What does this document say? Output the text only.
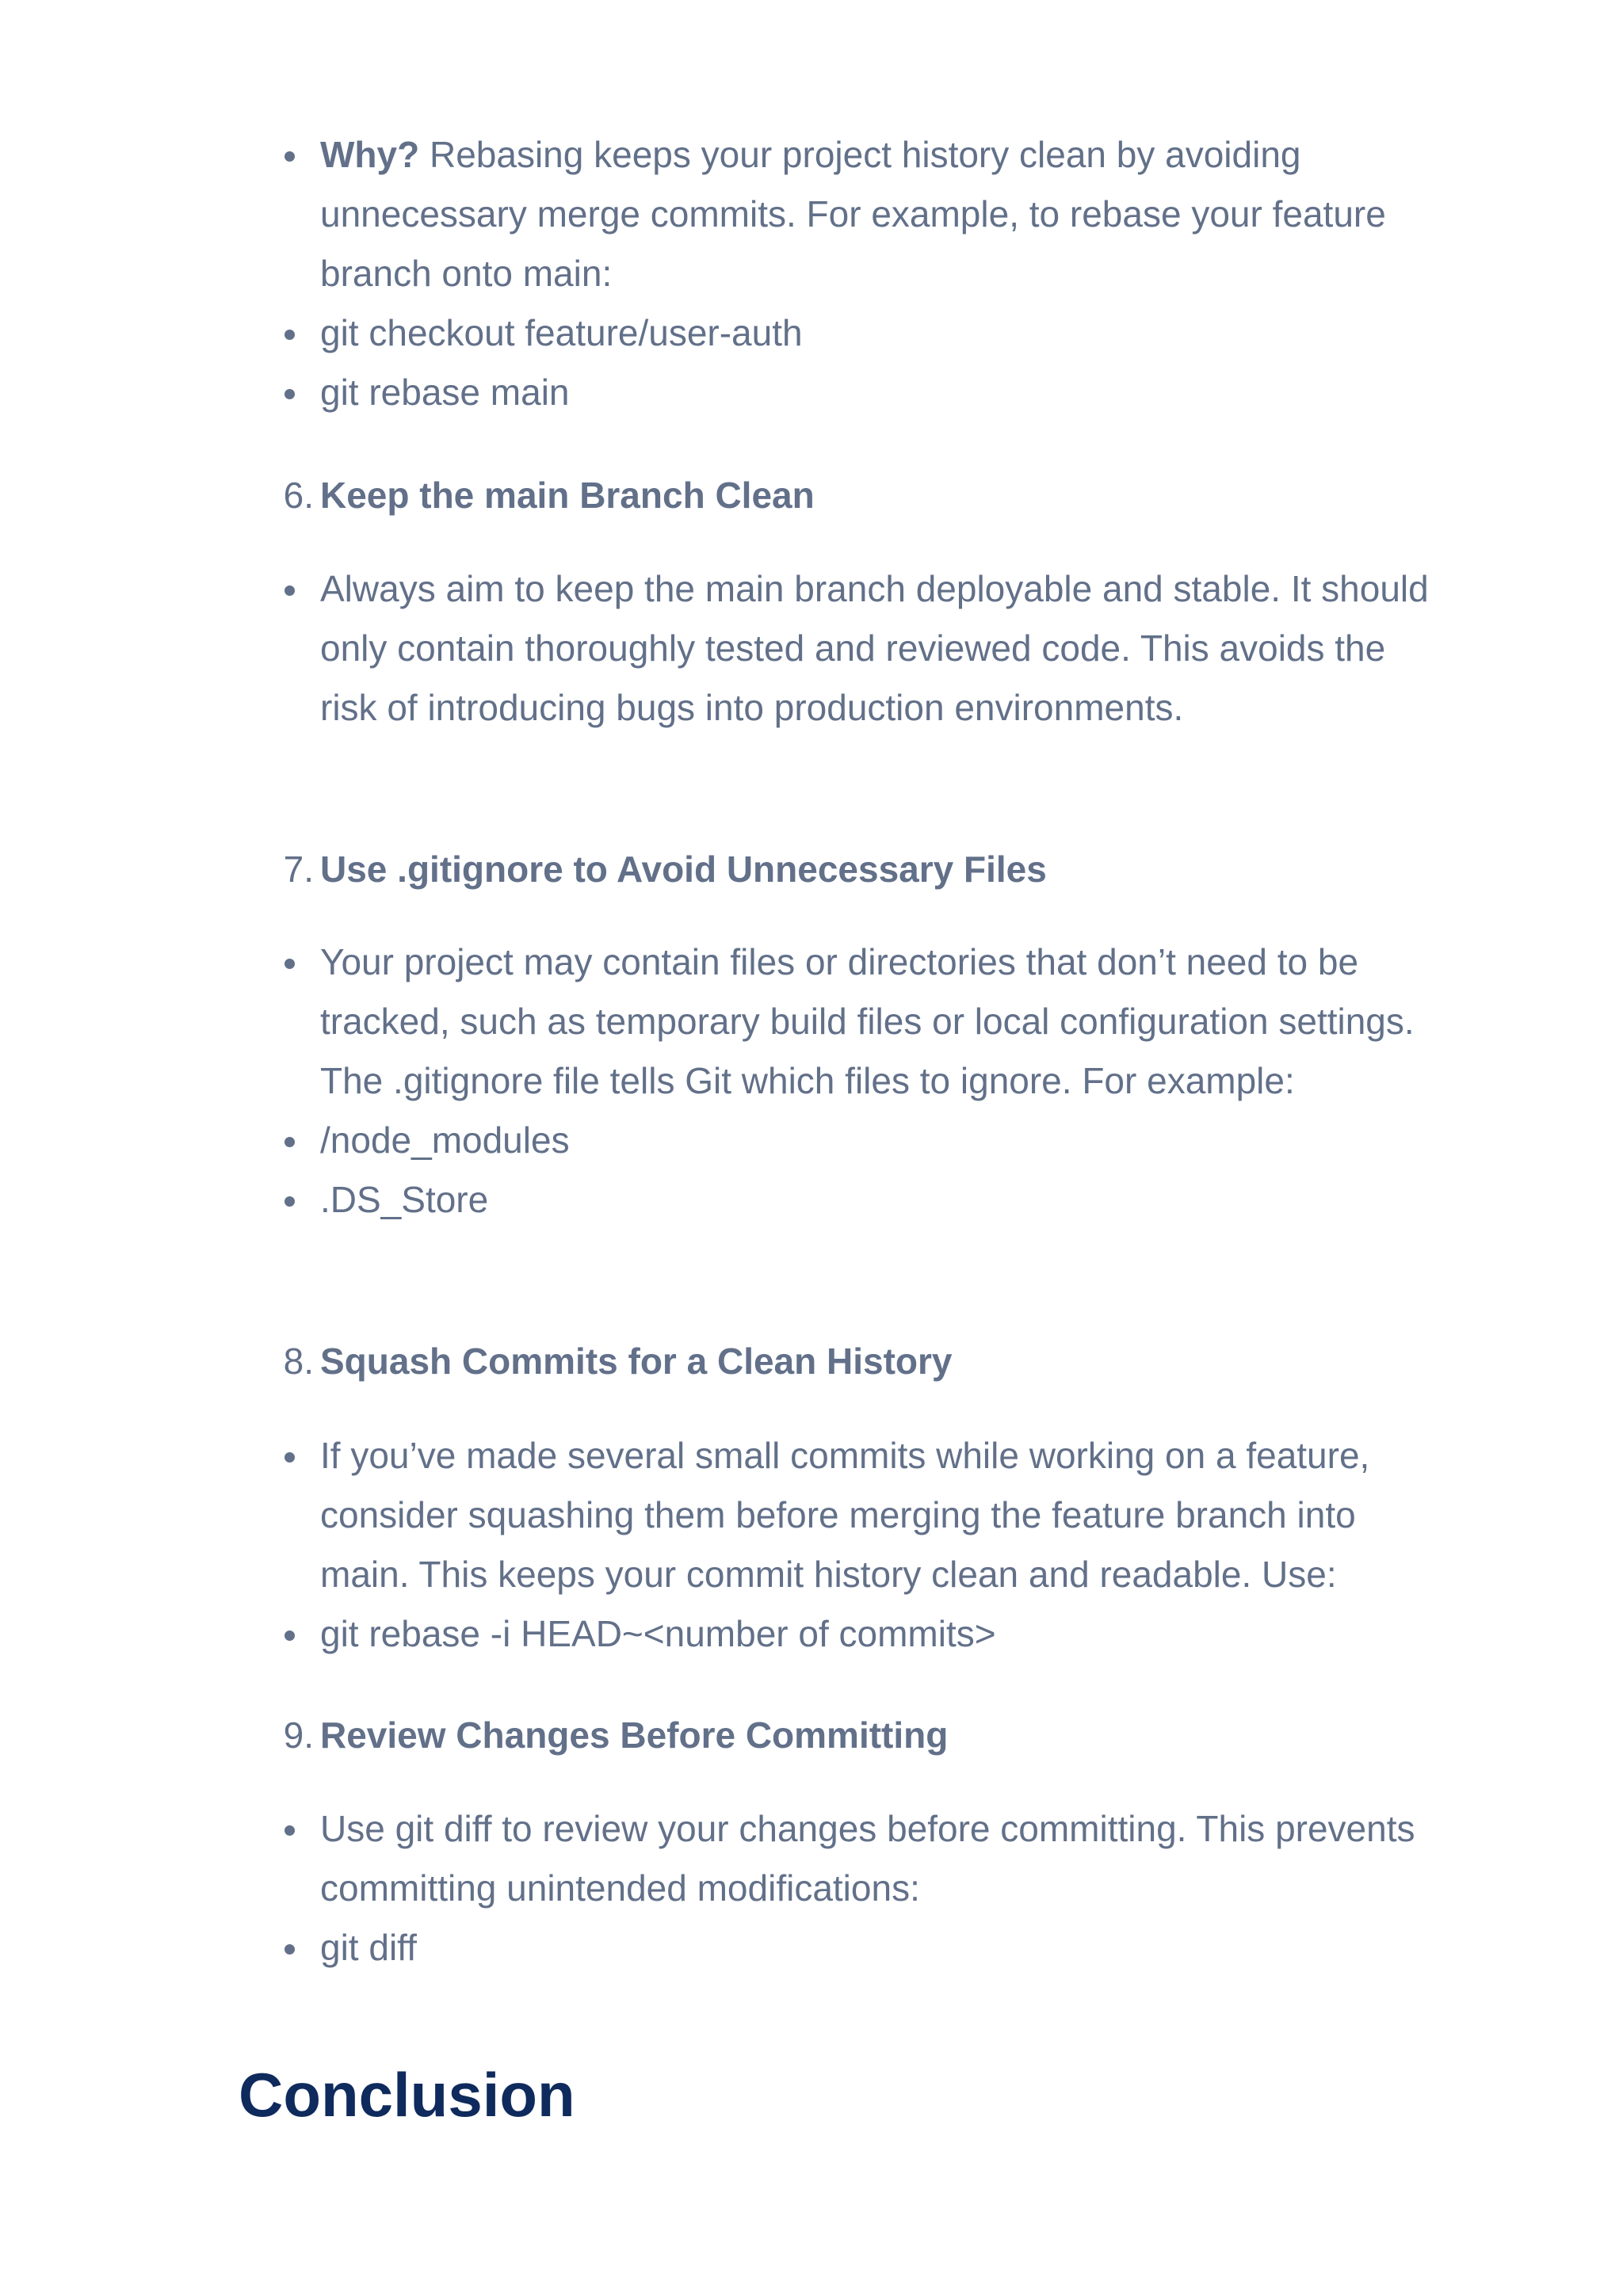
Why? Rebasing keeps your project history clean by avoiding unnecessary merge commits. For example, to rebase your feature branch onto main:
git checkout feature/user-auth
git rebase main
6. Keep the main Branch Clean
Always aim to keep the main branch deployable and stable. It should only contain thoroughly tested and reviewed code. This avoids the risk of introducing bugs into production environments.
7. Use .gitignore to Avoid Unnecessary Files
Your project may contain files or directories that don’t need to be tracked, such as temporary build files or local configuration settings. The .gitignore file tells Git which files to ignore. For example:
/node_modules
.DS_Store
8. Squash Commits for a Clean History
If you’ve made several small commits while working on a feature, consider squashing them before merging the feature branch into main. This keeps your commit history clean and readable. Use:
git rebase -i HEAD~<number of commits>
9. Review Changes Before Committing
Use git diff to review your changes before committing. This prevents committing unintended modifications:
git diff
Conclusion
